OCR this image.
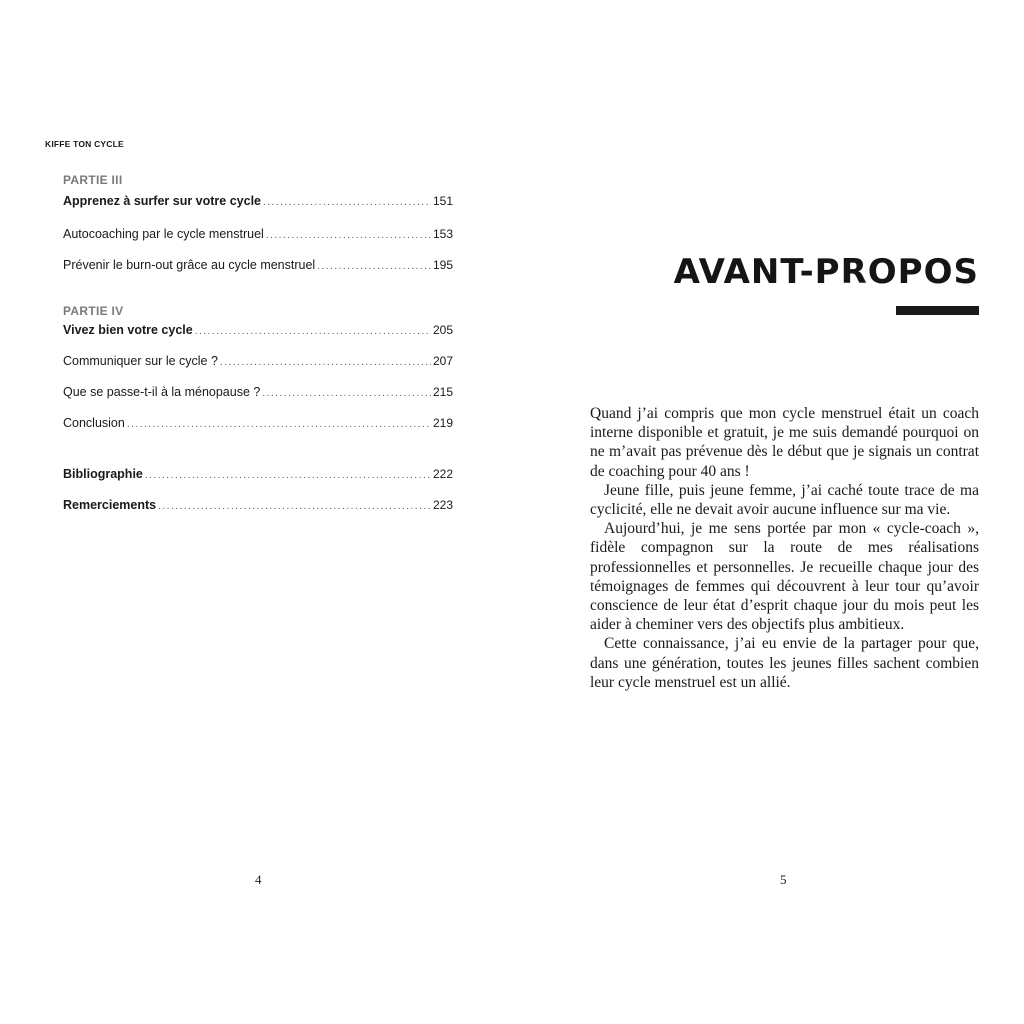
KIFFE TON CYCLE
PARTIE III
Apprenez à surfer sur votre cycle .....	151
Autocoaching par le cycle menstruel .....	153
Prévenir le burn-out grâce au cycle menstruel .....	195
PARTIE IV
Vivez bien votre cycle .....	205
Communiquer sur le cycle ? .....	207
Que se passe-t-il à la ménopause ? .....	215
Conclusion .....	219
Bibliographie .....	222
Remerciements .....	223
4
AVANT-PROPOS

Quand j’ai compris que mon cycle menstruel était un coach interne disponible et gratuit, je me suis demandé pourquoi on ne m’avait pas prévenue dès le début que je signais un contrat de coaching pour 40 ans !

Jeune fille, puis jeune femme, j’ai caché toute trace de ma cyclicité, elle ne devait avoir aucune influence sur ma vie.

Aujourd’hui, je me sens portée par mon « cycle-coach », fidèle compagnon sur la route de mes réalisations professionnelles et personnelles. Je recueille chaque jour des témoignages de femmes qui découvrent à leur tour qu’avoir conscience de leur état d’esprit chaque jour du mois peut les aider à cheminer vers des objectifs plus ambitieux.

Cette connaissance, j’ai eu envie de la partager pour que, dans une génération, toutes les jeunes filles sachent combien leur cycle menstruel est un allié.

5
